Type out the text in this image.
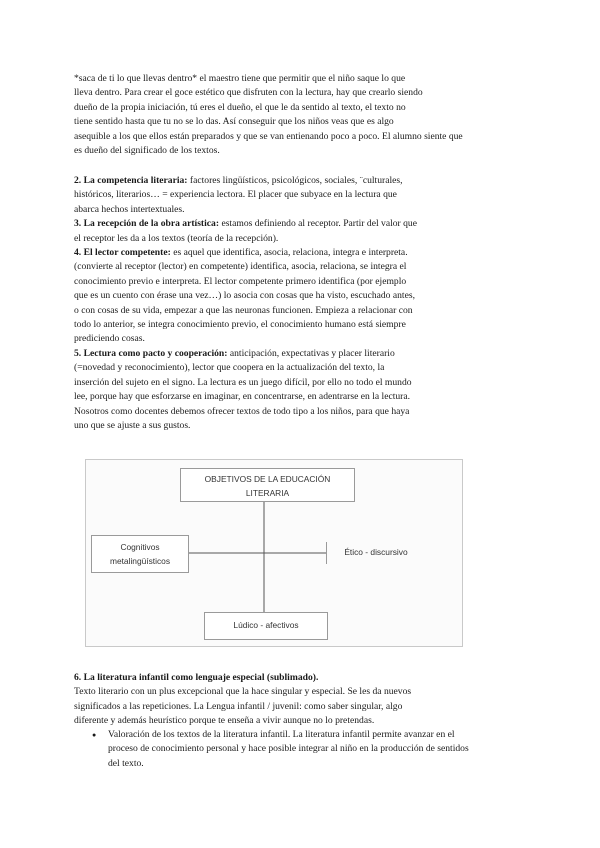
*saca de ti lo que llevas dentro* el maestro tiene que permitir que el niño saque lo que
lleva dentro. Para crear el goce estético que disfruten con la lectura, hay que crearlo siendo
dueño de la propia iniciación, tú eres el dueño, el que le da sentido al texto, el texto no
tiene sentido hasta que tu no se lo das. Así conseguir que los niños veas que es algo
asequible a los que ellos están preparados y que se van entienando poco a poco. El alumno siente que
es dueño del significado de los textos.

2. La competencia literaria: factores lingüísticos, psicológicos, sociales, ¨culturales,
históricos, literarios… = experiencia lectora. El placer que subyace en la lectura que
abarca hechos intertextuales.
3. La recepción de la obra artística: estamos definiendo al receptor. Partir del valor que
el receptor les da a los textos (teoría de la recepción).
4. El lector competente: es aquel que identifica, asocia, relaciona, integra e interpreta.
(convierte al receptor (lector) en competente) identifica, asocia, relaciona, se integra el
conocimiento previo e interpreta. El lector competente primero identifica (por ejemplo
que es un cuento con érase una vez…) lo asocia con cosas que ha visto, escuchado antes,
o con cosas de su vida, empezar a que las neuronas funcionen. Empieza a relacionar con
todo lo anterior, se integra conocimiento previo, el conocimiento humano está siempre
prediciendo cosas.
5. Lectura como pacto y cooperación: anticipación, expectativas y placer literario
(=novedad y reconocimiento), lector que coopera en la actualización del texto, la
inserción del sujeto en el signo. La lectura es un juego difícil, por ello no todo el mundo
lee, porque hay que esforzarse en imaginar, en concentrarse, en adentrarse en la lectura.
Nosotros como docentes debemos ofrecer textos de todo tipo a los niños, para que haya
uno que se ajuste a sus gustos.

OBJETIVOS DE LA EDUCACIÓN
LITERARIA
Cognitivos
metalingüísticos
Ético - discursivo
Lúdico - afectivos

6. La literatura infantil como lenguaje especial (sublimado).
Texto literario con un plus excepcional que la hace singular y especial. Se les da nuevos
significados a las repeticiones. La Lengua infantil / juvenil: como saber singular, algo
diferente y además heurístico porque te enseña a vivir aunque no lo pretendas.

● Valoración de los textos de la literatura infantil. La literatura infantil permite avanzar en el
proceso de conocimiento personal y hace posible integrar al niño en la producción de sentidos
del texto.
